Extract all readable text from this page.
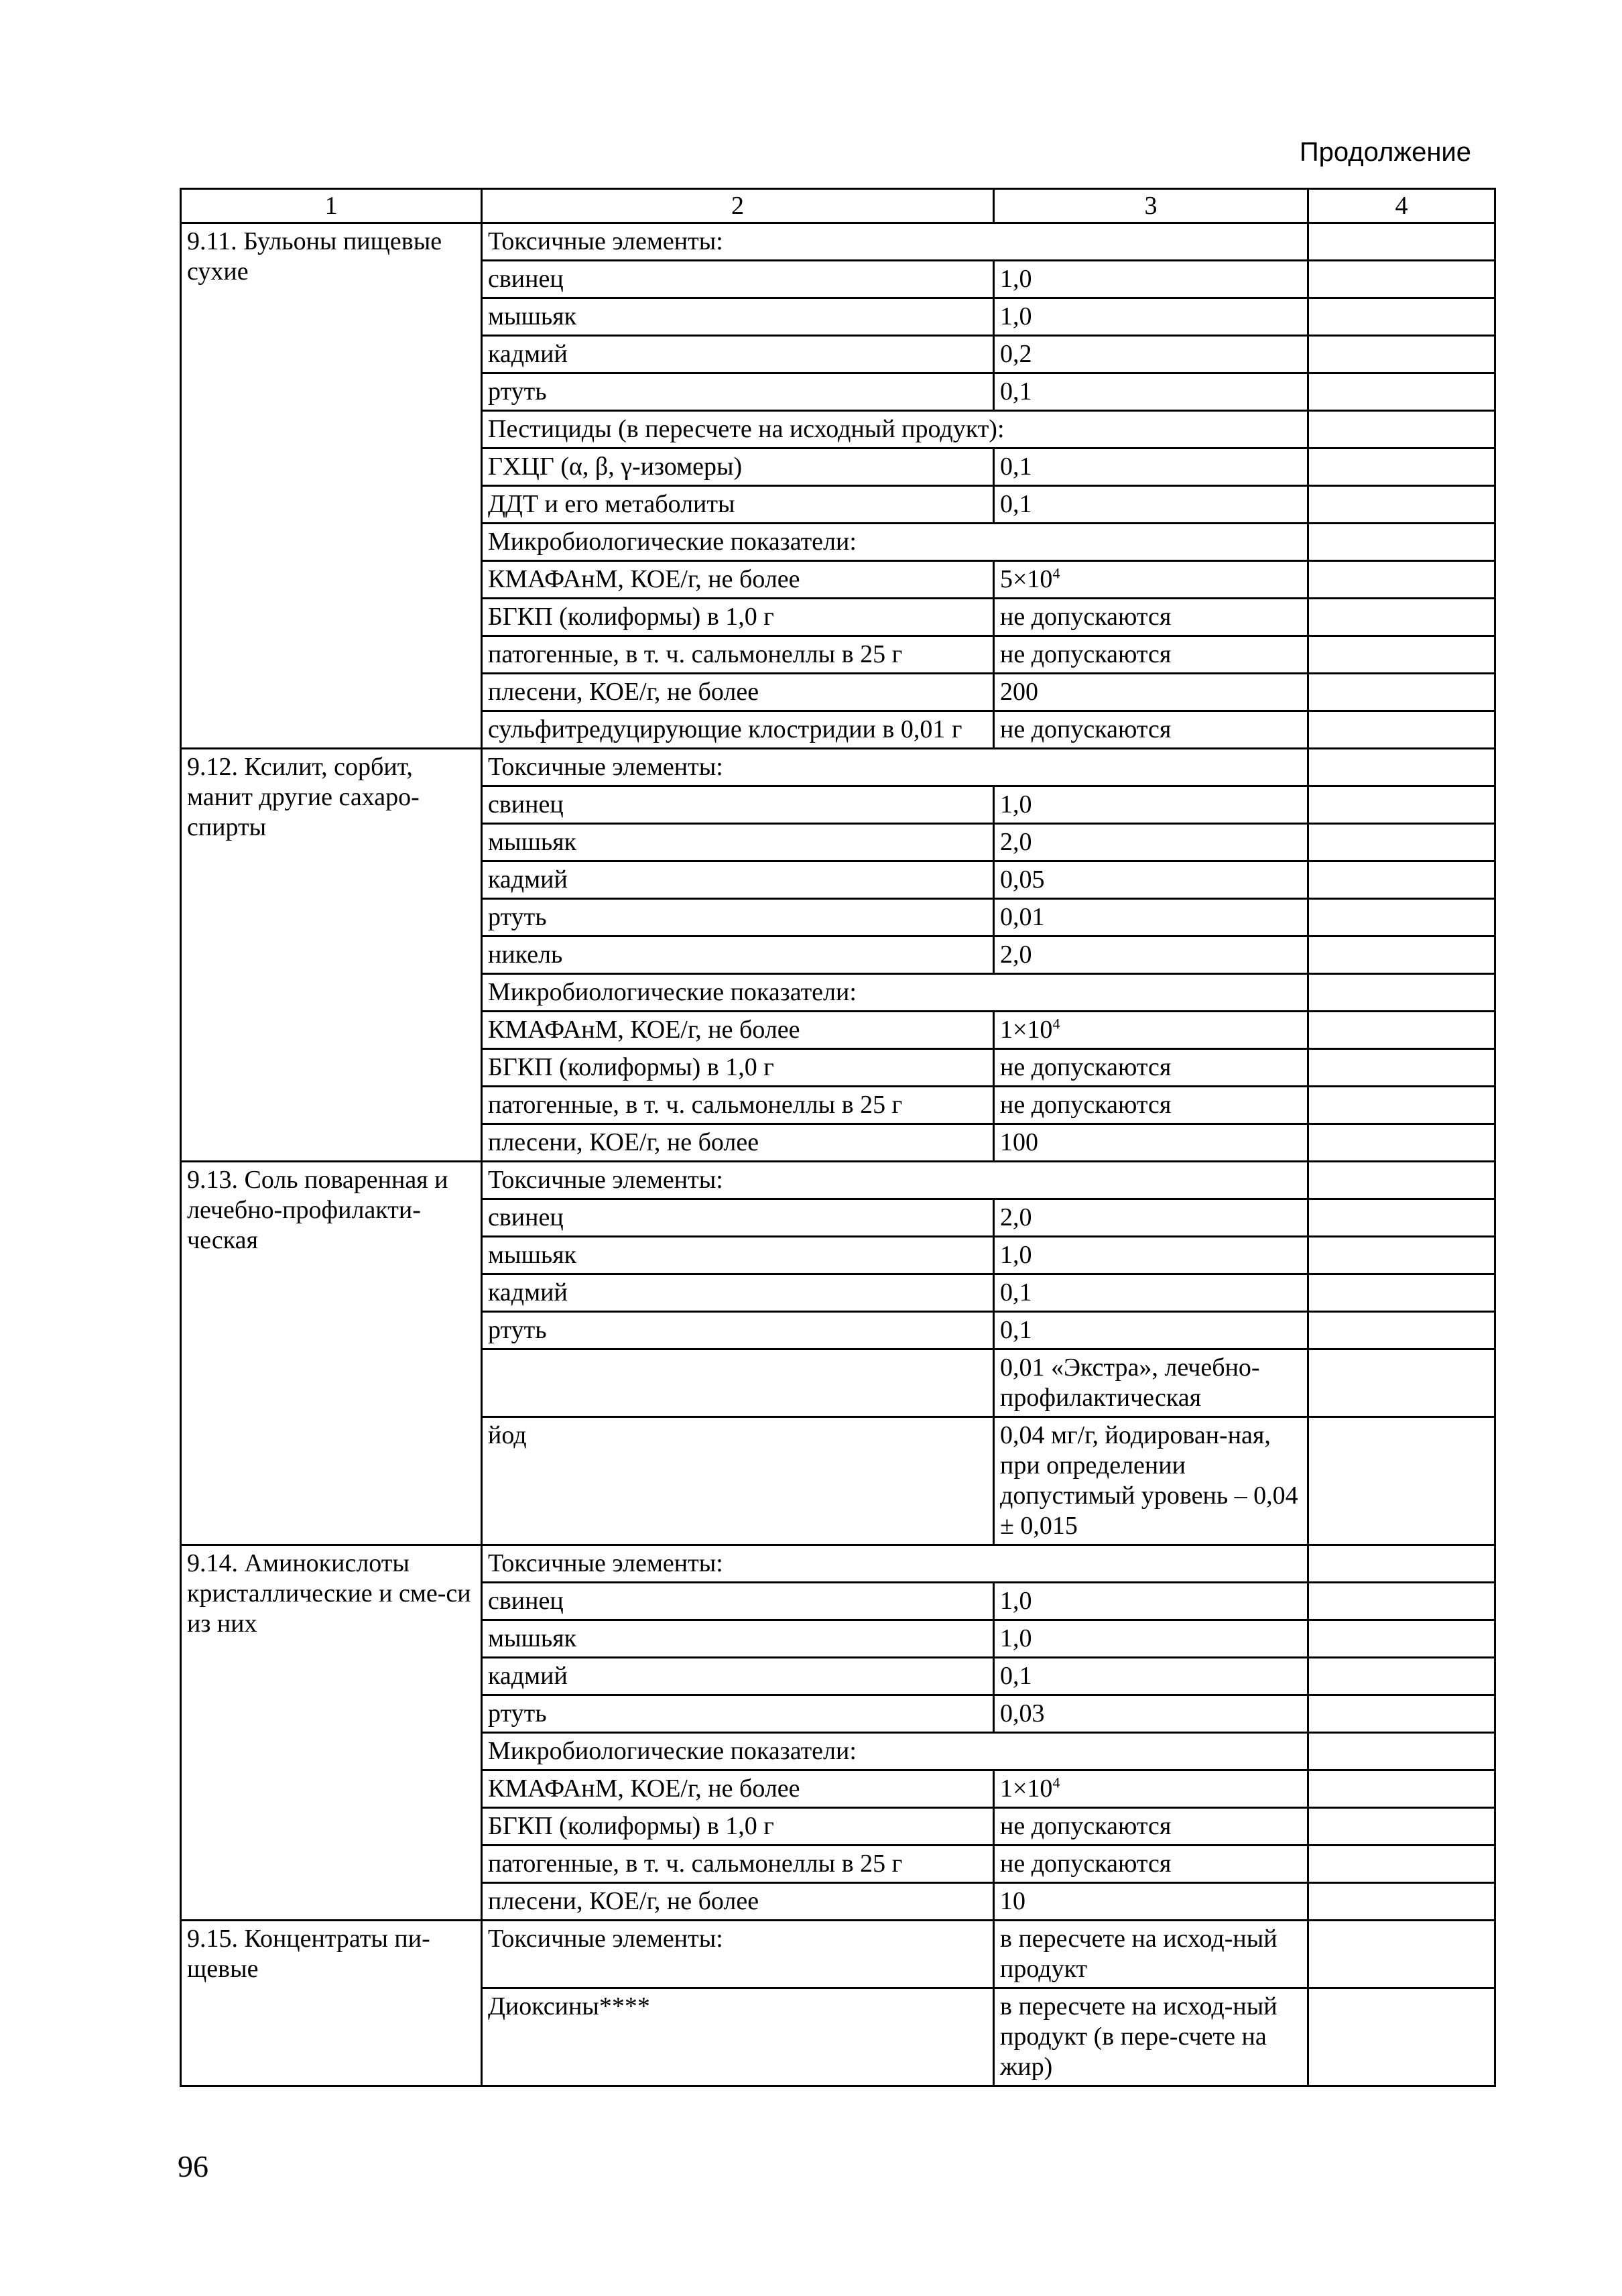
Продолжение
1	2	3	4
9.11. Бульоны пищевые сухие	Токсичные элементы:		
	свинец	1,0	
	мышьяк	1,0	
	кадмий	0,2	
	ртуть	0,1	
	Пестициды (в пересчете на исходный продукт):		
	ГХЦГ (α, β, γ-изомеры)	0,1	
	ДДТ и его метаболиты	0,1	
	Микробиологические показатели:		
	КМАФАнМ, КОЕ/г, не более	$5\times 10^4$	
	БГКП (колиформы) в 1,0 г	не допускаются	
	патогенные, в т. ч. сальмонеллы в 25 г	не допускаются	
	плесени, КОЕ/г, не более	200	
	сульфитредуцирующие клостридии в 0,01 г	не допускаются	
9.12. Ксилит, сорбит, манит другие сахаро-спирты	Токсичные элементы:		
	свинец	1,0	
	мышьяк	2,0	
	кадмий	0,05	
	ртуть	0,01	
	никель	2,0	
	Микробиологические показатели:		
	КМАФАнМ, КОЕ/г, не более	$1\times 10^4$	
	БГКП (колиформы) в 1,0 г	не допускаются	
	патогенные, в т. ч. сальмонеллы в 25 г	не допускаются	
	плесени, КОЕ/г, не более	100	
9.13. Соль поваренная и лечебно-профилакти-ческая	Токсичные элементы:		
	свинец	2,0	
	мышьяк	1,0	
	кадмий	0,1	
	ртуть	0,1	
		0,01 «Экстра», лечебно-профилактическая	
	йод	0,04 мг/г, йодирован-ная, при определении допустимый уровень – 0,04 ± 0,015	
9.14. Аминокислоты кристаллические и сме-си из них	Токсичные элементы:		
	свинец	1,0	
	мышьяк	1,0	
	кадмий	0,1	
	ртуть	0,03	
	Микробиологические показатели:		
	КМАФАнМ, КОЕ/г, не более	$1\times 10^4$	
	БГКП (колиформы) в 1,0 г	не допускаются	
	патогенные, в т. ч. сальмонеллы в 25 г	не допускаются	
	плесени, КОЕ/г, не более	10	
9.15. Концентраты пи-щевые	Токсичные элементы:	в пересчете на исход-ный продукт	
	Диоксины****	в пересчете на исход-ный продукт (в пере-счете на жир)	
96
